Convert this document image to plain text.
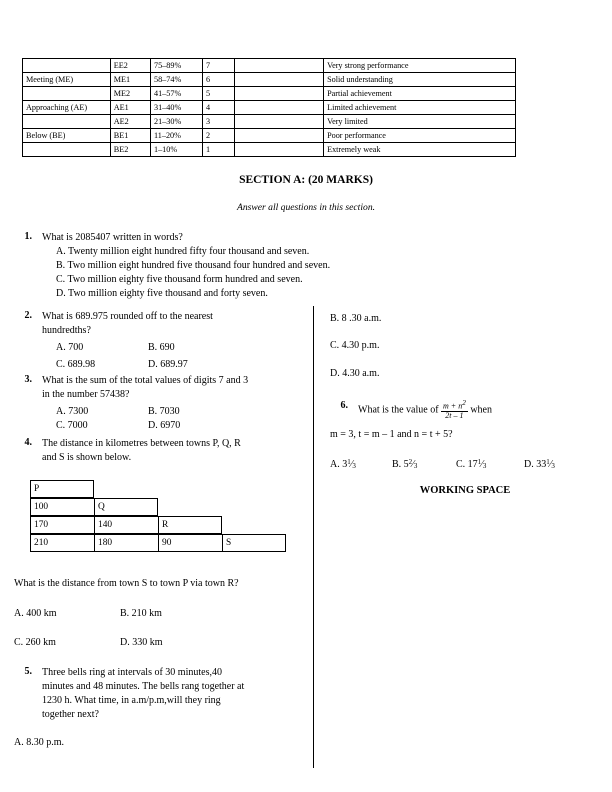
	EE2	75–89%	7		Very strong performance
Meeting (ME)	ME1	58–74%	6		Solid understanding
	ME2	41–57%	5		Partial achievement
Approaching (AE)	AE1	31–40%	4		Limited achievement
	AE2	21–30%	3		Very limited
Below (BE)	BE1	11–20%	2		Poor performance
	BE2	1–10%	1		Extremely weak
SECTION A: (20 MARKS)
Answer all questions in this section.
1. What is 2085407 written in words?
A. Twenty million eight hundred fifty four thousand and seven.
B. Two million eight hundred five thousand four hundred and seven.
C. Two million eighty five thousand form hundred and seven.
D. Two million eighty five thousand and forty seven.
2. What is 689.975 rounded off to the nearest
hundredths?
A. 700	B. 690
C. 689.98	D. 689.97
3. What is the sum of the total values of digits 7 and 3
in the number 57438?
A. 7300	B. 7030
C. 7000	D. 6970
4. The distance in kilometres between towns P, Q, R
and S is shown below.
P
100	Q
170	140	R
210	180	90	S
What is the distance from town S to town P via town R?
A. 400 km	B. 210 km
C. 260 km	D. 330 km
5. Three bells ring at intervals of 30 minutes,40
minutes and 48 minutes. The bells rang together at
1230 h. What time, in a.m/p.m,will they ring
together next?
A. 8.30 p.m.
B. 8 .30 a.m.
C. 4.30 p.m.
D. 4.30 a.m.
6. What is the value of $\frac{m + n2}{2t - 1}$ when
m = 3, t = m – 1 and n = t + 5?
A. $3^1⁄_3$	B. $5^2⁄_3$	C. $17^1⁄_3$	D. $33^1⁄_3$
WORKING SPACE
